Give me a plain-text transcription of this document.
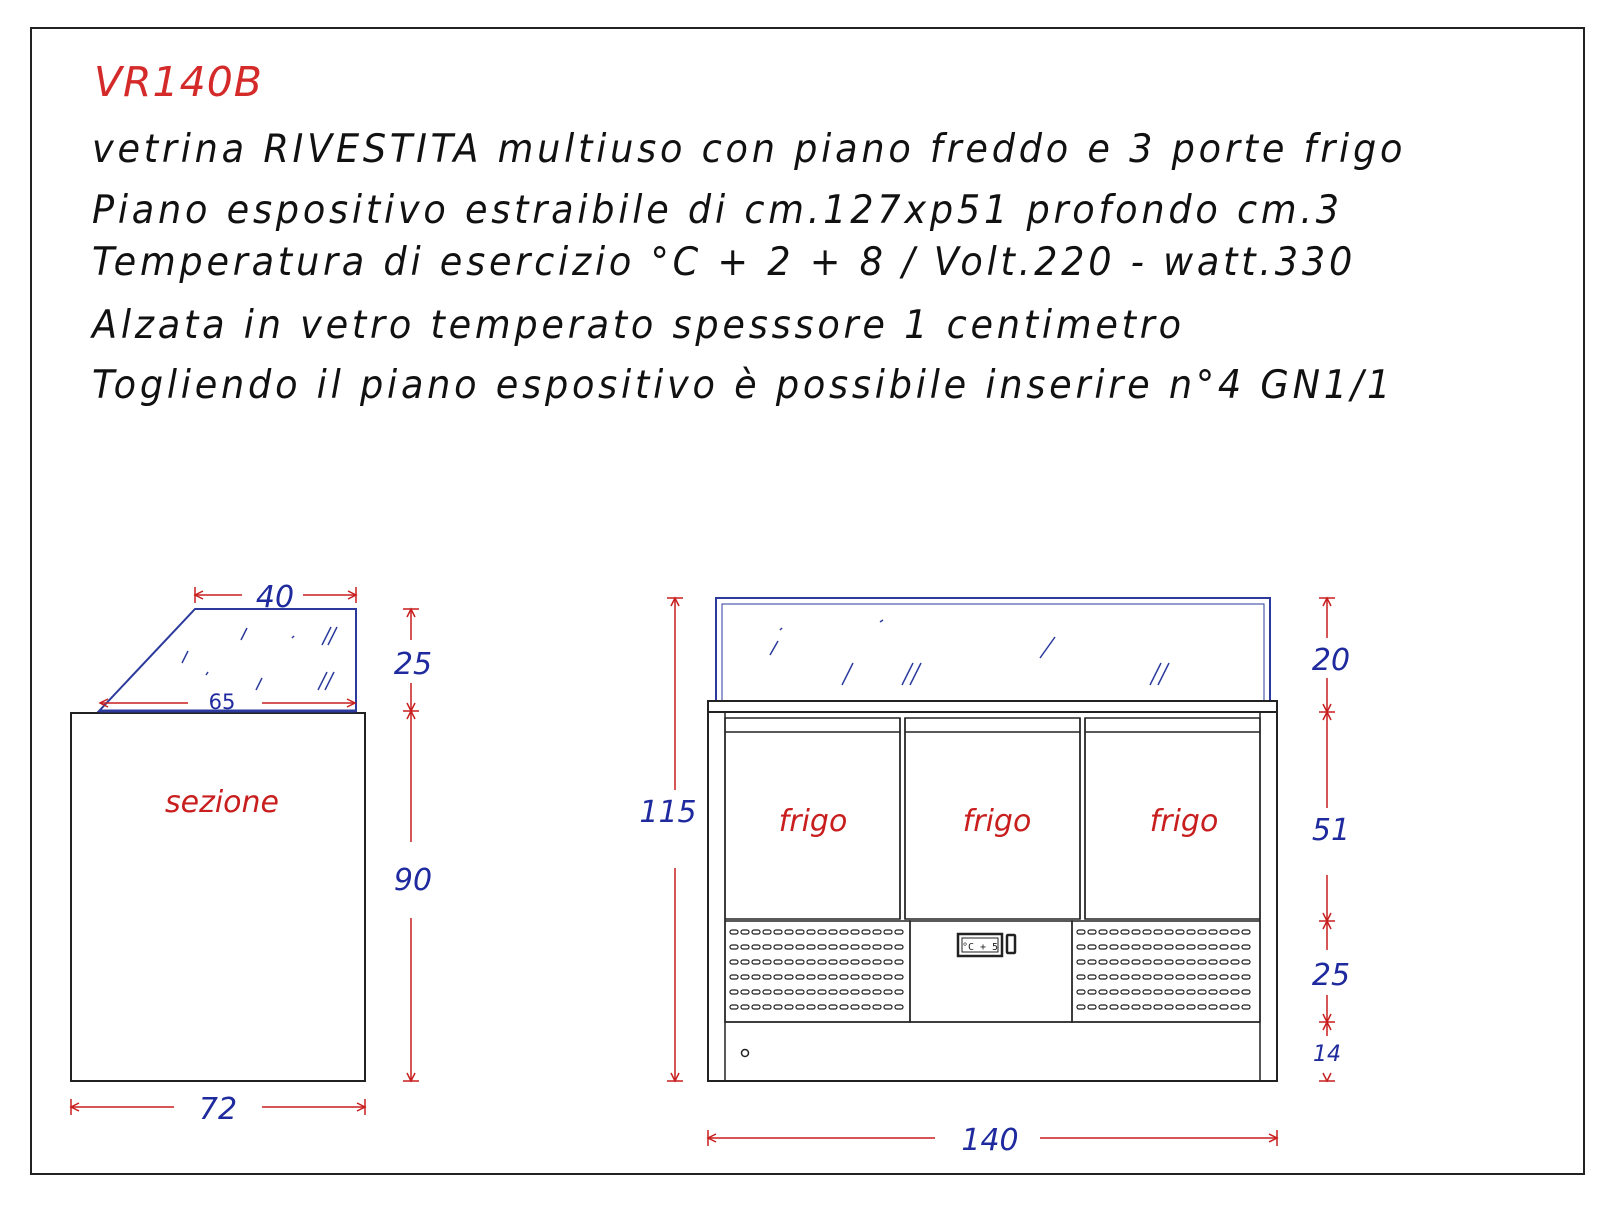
sezione
40
65
25
90
72
frigo	frigo	frigo
°C + 5
115
20
51
25
14
140
VR140B
vetrina RIVESTITA multiuso con piano freddo e 3 porte frigo
Piano espositivo estraibile di cm.127xp51 profondo cm.3
Temperatura di esercizio °C + 2 + 8 / Volt.220 - watt.330
Alzata in vetro temperato spesssore 1 centimetro
Togliendo il piano espositivo è possibile inserire n°4 GN1/1
